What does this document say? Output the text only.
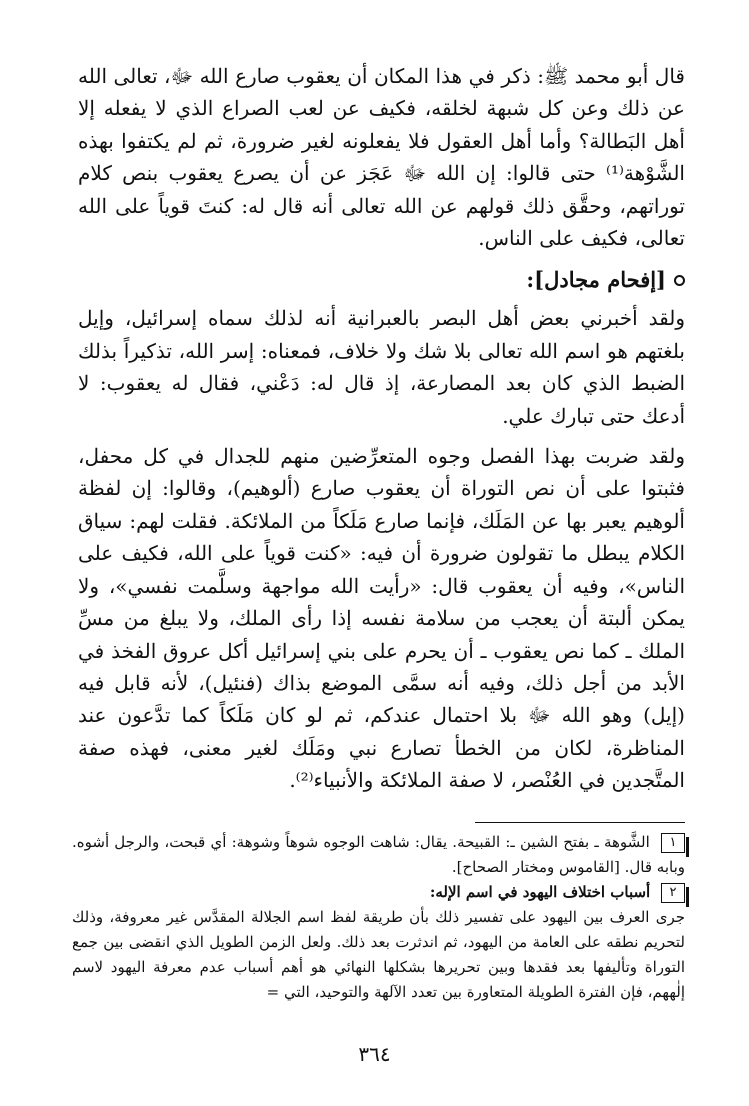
قال أبو محمد ﷺ: ذكر في هذا المكان أن يعقوب صارع الله ﷻ، تعالى الله عن ذلك وعن كل شبهة لخلقه، فكيف عن لعب الصراع الذي لا يفعله إلا أهل البَطالة؟ وأما أهل العقول فلا يفعلونه لغير ضرورة، ثم لم يكتفوا بهذه الشَّوْهة⁽¹⁾ حتى قالوا: إن الله ﷻ عَجَز عن أن يصرع يعقوب بنص كلام توراتهم، وحقَّق ذلك قولهم عن الله تعالى أنه قال له: كنتَ قوياً على الله تعالى، فكيف على الناس.

[إفحام مجادل]:

ولقد أخبرني بعض أهل البصر بالعبرانية أنه لذلك سماه إسرائيل، وإيل بلغتهم هو اسم الله تعالى بلا شك ولا خلاف، فمعناه: إسر الله، تذكيراً بذلك الضبط الذي كان بعد المصارعة، إذ قال له: دَعْني، فقال له يعقوب: لا أدعك حتى تبارك علي.

ولقد ضربت بهذا الفصل وجوه المتعرِّضين منهم للجدال في كل محفل، فثبتوا على أن نص التوراة أن يعقوب صارع (ألوهيم)، وقالوا: إن لفظة ألوهيم يعبر بها عن المَلَك، فإنما صارع مَلَكاً من الملائكة. فقلت لهم: سياق الكلام يبطل ما تقولون ضرورة أن فيه: «كنت قوياً على الله، فكيف على الناس»، وفيه أن يعقوب قال: «رأيت الله مواجهة وسلَّمت نفسي»، ولا يمكن ألبتة أن يعجب من سلامة نفسه إذا رأى الملك، ولا يبلغ من مسِّ الملك ـ كما نص يعقوب ـ أن يحرم على بني إسرائيل أكل عروق الفخذ في الأبد من أجل ذلك، وفيه أنه سمَّى الموضع بذاك (فنئيل)، لأنه قابل فيه (إيل) وهو الله ﷻ بلا احتمال عندكم، ثم لو كان مَلَكاً كما تدَّعون عند المناظرة، لكان من الخطأ تصارع نبي ومَلَك لغير معنى، فهذه صفة المتَّجدين في العُنْصر، لا صفة الملائكة والأنبياء⁽²⁾.

١ الشَّوهة ـ بفتح الشين ـ: القبيحة. يقال: شاهت الوجوه شوهاً وشوهة: أي قبحت، والرجل أشوه. وبابه قال. [القاموس ومختار الصحاح].

٢ أسباب اختلاف اليهود في اسم الإله:

جرى العرف بين اليهود على تفسير ذلك بأن طريقة لفظ اسم الجلالة المقدَّس غير معروفة، وذلك لتحريم نطقه على العامة من اليهود، ثم اندثرت بعد ذلك. ولعل الزمن الطويل الذي انقضى بين جمع التوراة وتأليفها بعد فقدها وبين تحريرها بشكلها النهائي هو أهم أسباب عدم معرفة اليهود لاسم إلٰههم، فإن الفترة الطويلة المتعاورة بين تعدد الآلهة والتوحيد، التي =

٣٦٤
